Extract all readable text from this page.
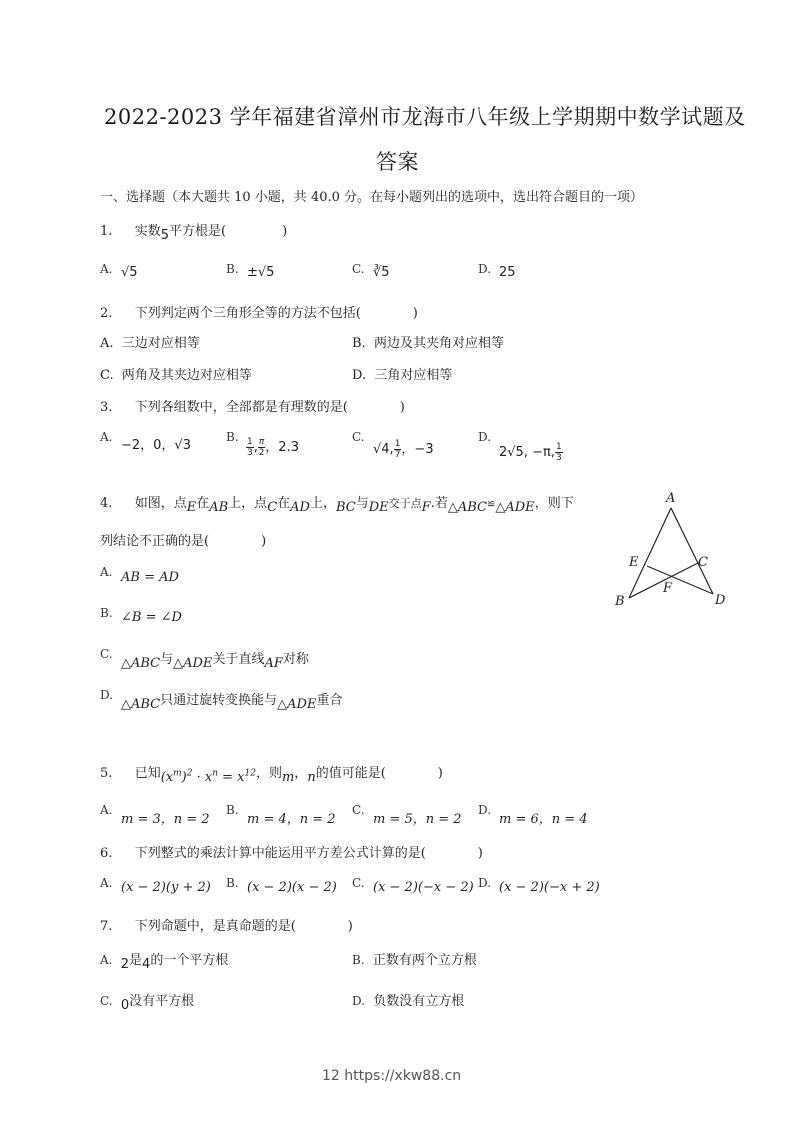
2022-2023 学年福建省漳州市龙海市八年级上学期期中数学试题及
答案
一、选择题（本大题共 10 小题，共 40.0 分。在每小题列出的选项中，选出符合题目的一项）
1. 实数5平方根是(	)
A. √5	B. ±√5	C. ∛5	D. 25
2. 下列判定两个三角形全等的方法不包括(	)
A. 三边对应相等	B. 两边及其夹角对应相等
C. 两角及其夹边对应相等	D. 三角对应相等
3. 下列各组数中，全部都是有理数的是(	)
A.
−2，0，√3
B. $\frac{1}{3}$ , $\frac{\pi}{2}$ ，2.3
C.
√4, $\frac{1}{7}$ ，−3
D.
2√5, −π, $\frac{1}{3}$
4. 如图，点E在AB上，点C在AD上，BC与DE交于点F.若△ABC≌△ADE，则下
列结论不正确的是(	)
A
B
C
D
E
F
A. AB = AD
B. ∠B = ∠D
C.
△ABC与△ADE关于直线AF对称
D.
△ABC只通过旋转变换能与△ADE重合
5. 已知$(x^m)^2 \cdot x^n = x^{12}$，则m，n的值可能是(	)
A.
m = 3，n = 2
B.
m = 4，n = 2
C.
m = 5，n = 2
D.
m = 6，n = 4
6. 下列整式的乘法计算中能运用平方差公式计算的是(	)
A. (x − 2)(y + 2) B. (x − 2)(x − 2) C. (x − 2)(−x − 2) D. (x − 2)(−x + 2)
7. 下列命题中，是真命题的是(	)
A. 2是4的一个平方根	B. 正数有两个立方根
C. 0没有平方根	D. 负数没有立方根
12 https://xkw88.cn
